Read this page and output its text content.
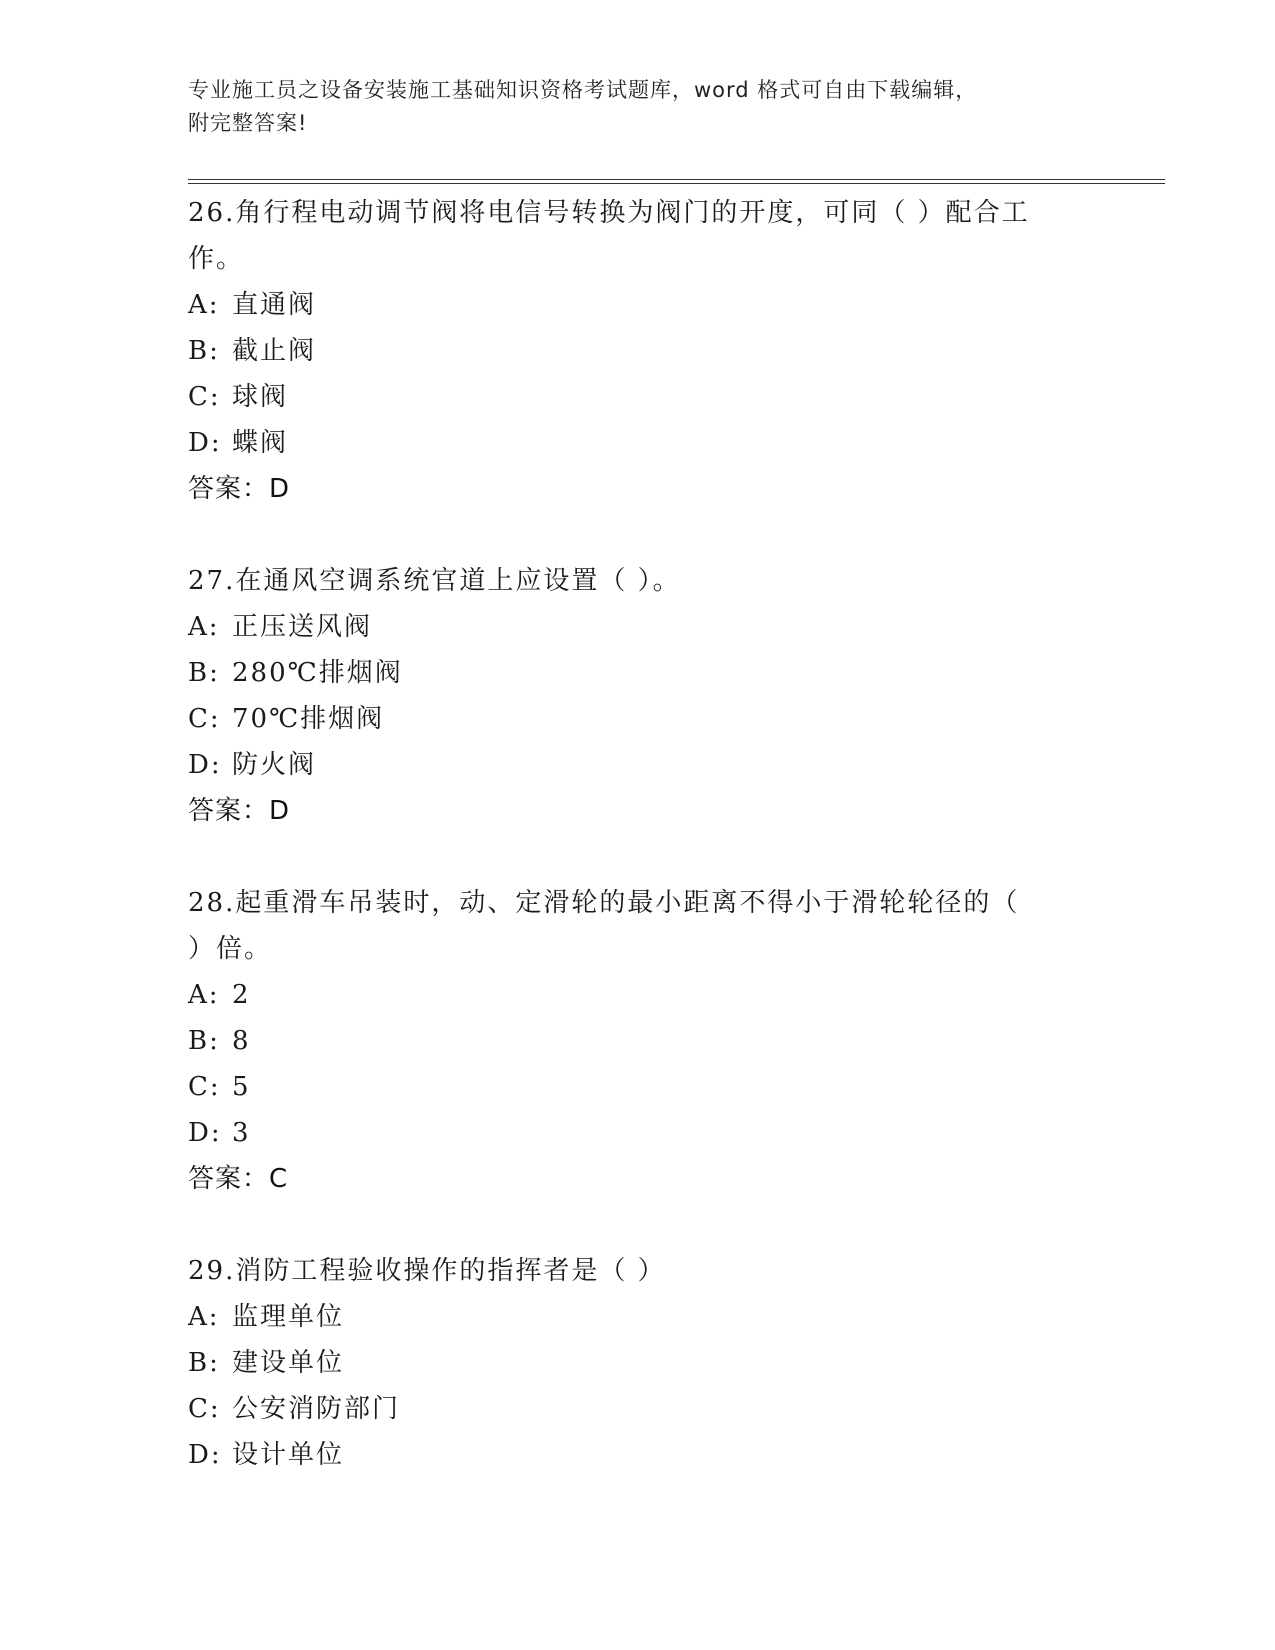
专业施工员之设备安装施工基础知识资格考试题库，word 格式可自由下载编辑，
附完整答案!
26.角行程电动调节阀将电信号转换为阀门的开度，可同（ ）配合工
作。
A: 直通阀
B: 截止阀
C: 球阀
D: 蝶阀
答案：D
27.在通风空调系统官道上应设置（ ）。
A: 正压送风阀
B: 280℃排烟阀
C: 70℃排烟阀
D: 防火阀
答案：D
28.起重滑车吊装时，动、定滑轮的最小距离不得小于滑轮轮径的（
）倍。
A: 2
B: 8
C: 5
D: 3
答案：C
29.消防工程验收操作的指挥者是（ ）
A: 监理单位
B: 建设单位
C: 公安消防部门
D: 设计单位
